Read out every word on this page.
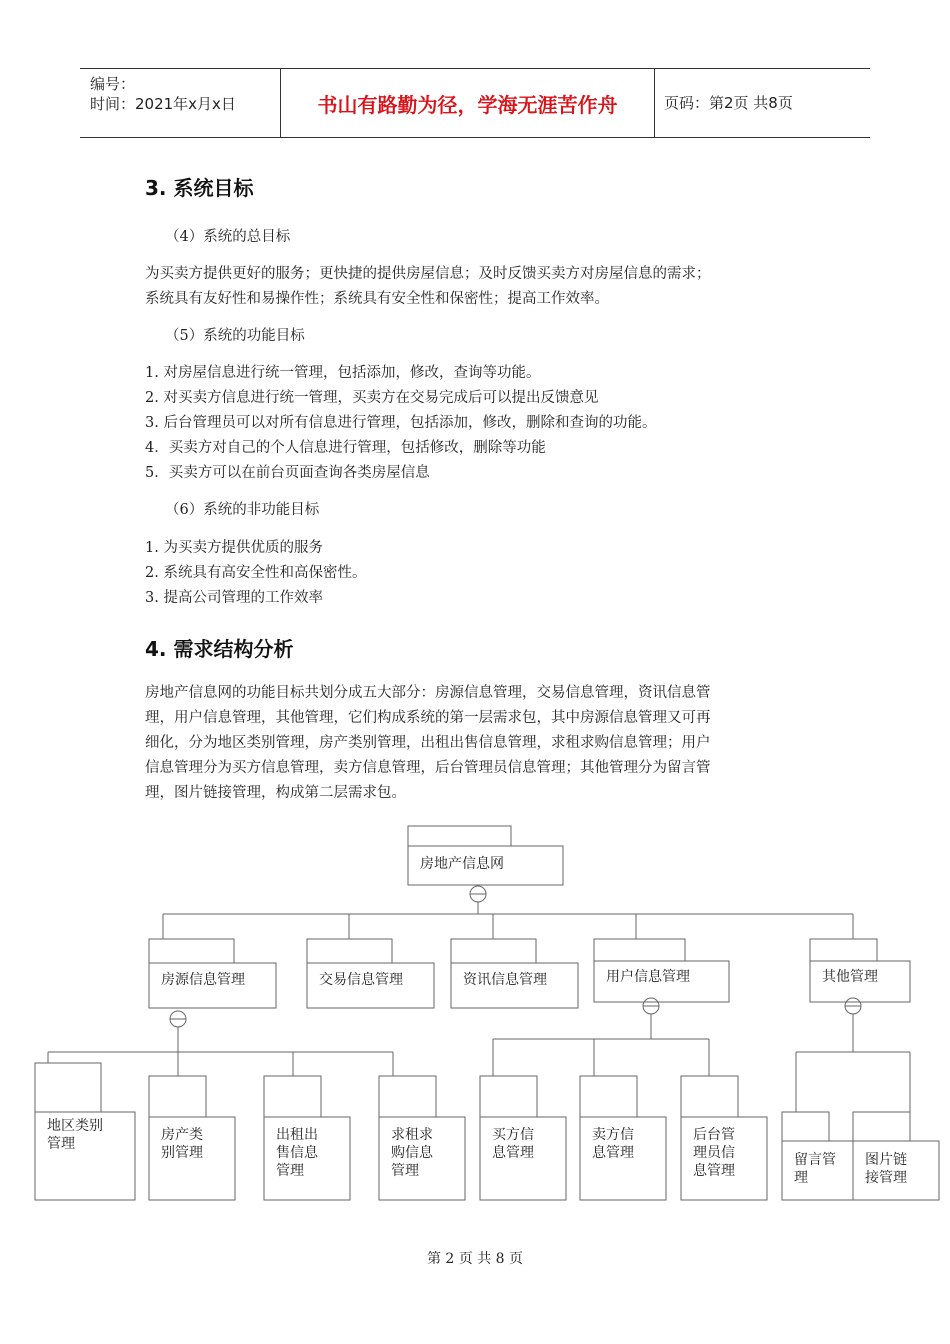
编号：
时间：2021年x月x日	书山有路勤为径，学海无涯苦作舟	页码：第2页 共8页
3. 系统目标
（4）系统的总目标
为买卖方提供更好的服务；更快捷的提供房屋信息；及时反馈买卖方对房屋信息的需求；
系统具有友好性和易操作性；系统具有安全性和保密性；提高工作效率。
（5）系统的功能目标
1. 对房屋信息进行统一管理，包括添加，修改，查询等功能。
2. 对买卖方信息进行统一管理，买卖方在交易完成后可以提出反馈意见
3. 后台管理员可以对所有信息进行管理，包括添加，修改，删除和查询的功能。
4．买卖方对自己的个人信息进行管理，包括修改，删除等功能
5．买卖方可以在前台页面查询各类房屋信息
（6）系统的非功能目标
1. 为买卖方提供优质的服务
2. 系统具有高安全性和高保密性。
3. 提高公司管理的工作效率
4. 需求结构分析
房地产信息网的功能目标共划分成五大部分：房源信息管理，交易信息管理，资讯信息管
理，用户信息管理，其他管理，它们构成系统的第一层需求包，其中房源信息管理又可再
细化，分为地区类别管理，房产类别管理，出租出售信息管理，求租求购信息管理；用户
信息管理分为买方信息管理，卖方信息管理，后台管理员信息管理；其他管理分为留言管
理，图片链接管理，构成第二层需求包。
房地产信息网
房源信息管理	交易信息管理	资讯信息管理	用户信息管理	其他管理
地区类别
管理
房产类
别管理
出租出
售信息
管理
求租求
购信息
管理
买方信
息管理
卖方信
息管理
后台管
理员信
息管理
留言管
理
图片链
接管理
第 2 页 共 8 页
